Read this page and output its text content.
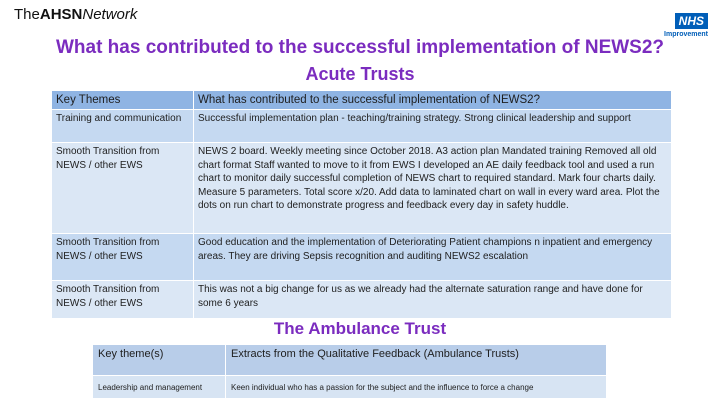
TheAHSNNetwork	NHS
Improvement
What has contributed to the successful implementation of NEWS2?
Acute Trusts
Key Themes	What has contributed to the successful implementation of NEWS2?
Training and communication	Successful implementation plan - teaching/training strategy. Strong clinical leadership and support
Smooth Transition from NEWS / other EWS	NEWS 2 board. Weekly meeting since October 2018. A3 action plan Mandated training Removed all old chart format Staff wanted to move to it from EWS I developed an AE daily feedback tool and used a run chart to monitor daily successful completion of NEWS chart to required standard. Mark four charts daily. Measure 5 parameters. Total score x/20. Add data to laminated chart on wall in every ward area. Plot the dots on run chart to demonstrate progress and feedback every day in safety huddle.
Smooth Transition from NEWS / other EWS	Good education and the implementation of Deteriorating Patient champions n inpatient and emergency areas. They are driving Sepsis recognition and auditing NEWS2 escalation
Smooth Transition from NEWS / other EWS	This was not a big change for us as we already had the alternate saturation range and have done for some 6 years
The Ambulance Trust
Key theme(s)	Extracts from the Qualitative Feedback (Ambulance Trusts)
Leadership and management	Keen individual who has a passion for the subject and the influence to force a change
